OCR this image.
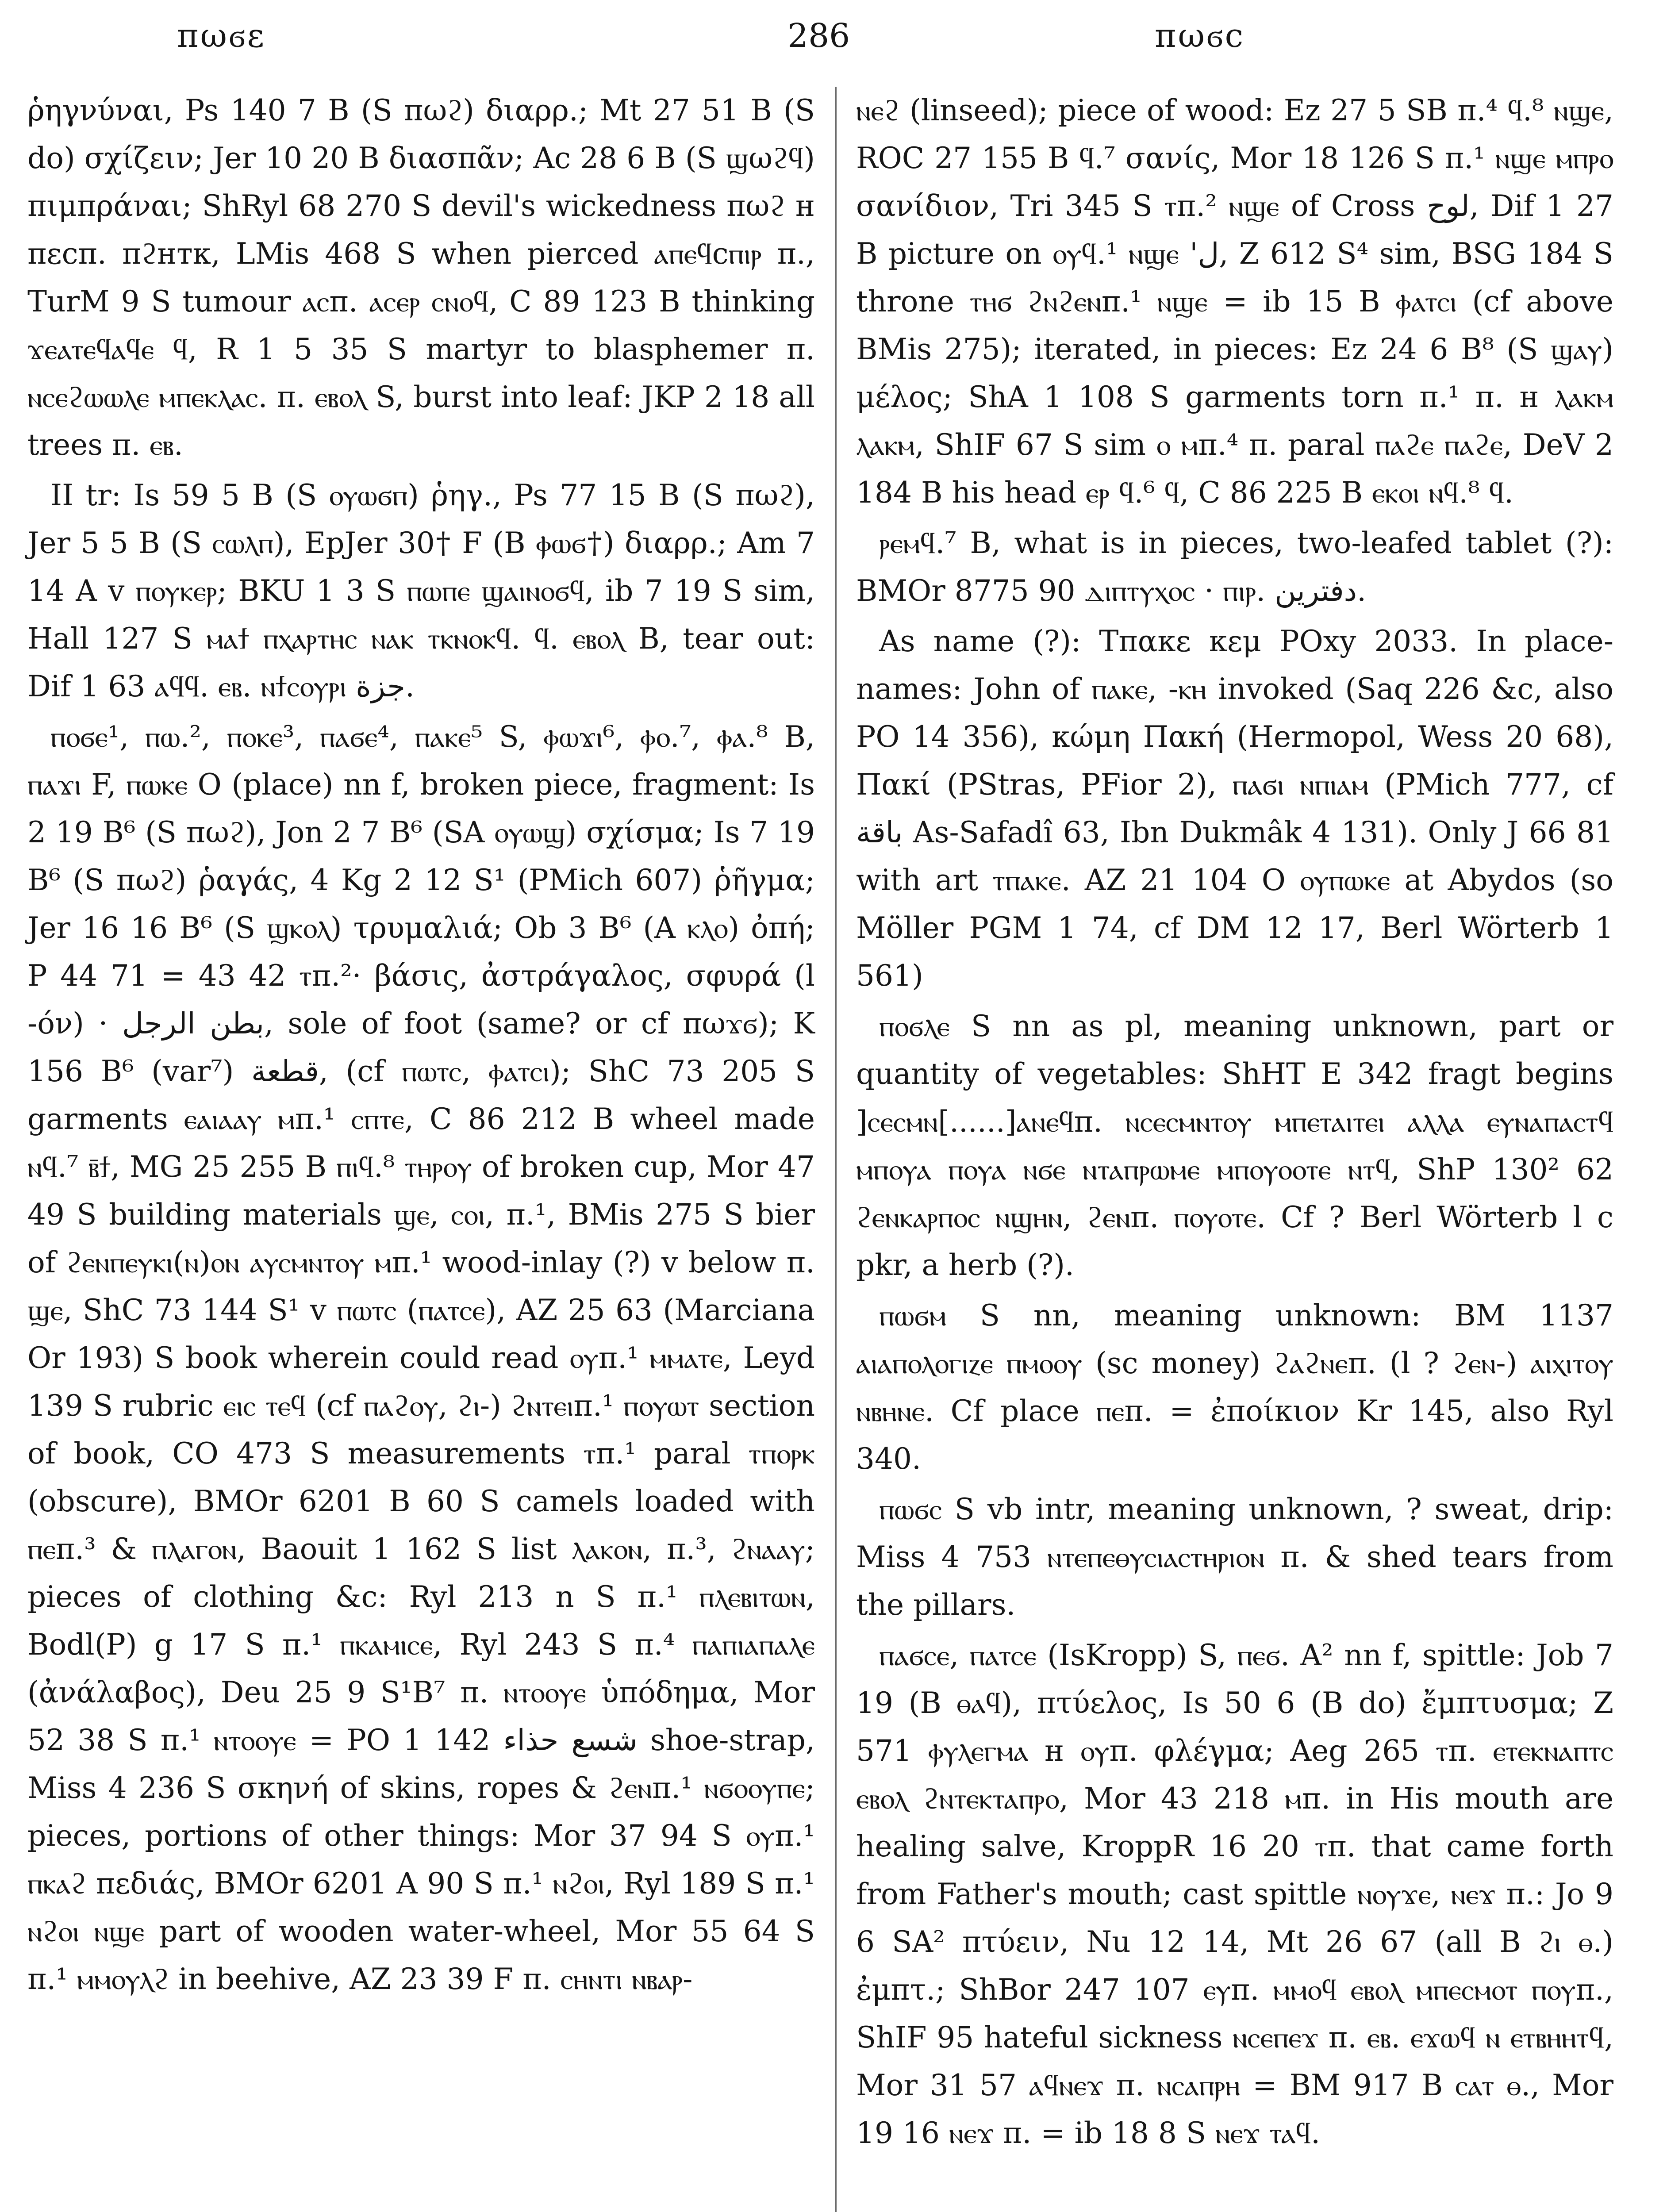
πωϭε	286	πωϭϲ

ῥηγνύναι, Ps 140 7 B (S πωϩ) διαρρ.; Mt 27 51 B (S do) σχίζειν; Jer 10 20 B διασπᾶν; Ac 28 6 B (S ϣωϩϥ) πιμπράναι; ShRyl 68 270 S devil's wickedness πωϩ н πεсπ. πϩнтк, LMis 468 S when pierced ⲁⲡⲉϥϲⲡⲓⲣ π., TurM 9 S tumour ⲁⲥπ. ⲁⲥⲉⲣ ⲥⲛⲟϥ, C 89 123 B thinking ϫⲉⲁⲧⲉϥⲁϥⲉ ϥ, R 1 5 35 S martyr to blasphemer π. ⲛⲥⲉϩⲱⲱⲗⲉ ⲙⲡⲉⲕⲗⲁⲥ. π. ⲉⲃⲟⲗ S, burst into leaf: JKP 2 18 all trees π. ⲉⲃ.

II tr: Is 59 5 B (S ⲟⲩⲱϭⲡ) ῥηγ., Ps 77 15 B (S πωϩ), Jer 5 5 B (S ⲥⲱⲗⲡ), EpJer 30† F (B ⲫⲱϭ†) διαρρ.; Am 7 14 A v ⲡⲟⲩⲕⲉⲣ; BKU 1 3 S ⲡⲱⲡⲉ ϣⲁⲓⲛⲟϭϥ, ib 7 19 S sim, Hall 127 S ⲙⲁϯ ⲡⲭⲁⲣⲧⲏⲥ ⲛⲁⲕ ⲧⲕⲛⲟⲕϥ. ϥ. ⲉⲃⲟⲗ B, tear out: Dif 1 63 ⲁϥϥ. ⲉⲃ. ⲛϯⲥⲟⲩⲣⲓ ﺟﺰة.

ⲡⲟϭⲉ¹, ⲡⲱ.², ⲡⲟⲕⲉ³, ⲡⲁϭⲉ⁴, ⲡⲁⲕⲉ⁵ S, ⲫⲱϫⲓ⁶, ⲫⲟ.⁷, ⲫⲁ.⁸ B, ⲡⲁϫⲓ F, ⲡⲱⲕⲉ O (place) nn f, broken piece, fragment: Is 2 19 B⁶ (S πωϩ), Jon 2 7 B⁶ (SA ⲟⲩⲱϣ) σχίσμα; Is 7 19 B⁶ (S πωϩ) ῥαγάς, 4 Kg 2 12 S¹ (PMich 607) ῥῆγμα; Jer 16 16 B⁶ (S ϣⲕⲟⲗ) τρυμαλιά; Ob 3 B⁶ (A ⲕⲗⲟ) ὀπή; P 44 71 = 43 42 ⲧπ.²· βάσις, ἀστράγαλος, σφυρά (l -όν) · ﺑﻄﻦ الرجل, sole of foot (same? or cf πωϫϭ); K 156 B⁶ (var⁷) قطعة, (cf ⲡⲱⲧⲥ, ⲫⲁⲧⲥⲓ); ShC 73 205 S garments ⲉⲁⲓⲁⲁⲩ ⲙπ.¹ ⲥⲡⲧⲉ, C 86 212 B wheel made ⲛϥ.⁷ ⲃ̄ϯ, MG 25 255 B ⲡⲓϥ.⁸ ⲧⲏⲣⲟⲩ of broken cup, Mor 47 49 S building materials ϣⲉ, ⲥⲟⲓ, π.¹, BMis 275 S bier of ϩⲉⲛⲡⲉⲩⲕⲓ(ⲛ)ⲟⲛ ⲁⲩⲥⲙⲛⲧⲟⲩ ⲙπ.¹ wood-inlay (?) v below π. ϣⲉ, ShC 73 144 S¹ v ⲡⲱⲧⲥ (ⲡⲁⲧⲥⲉ), AZ 25 63 (Marciana Or 193) S book wherein could read ⲟⲩπ.¹ ⲙⲙⲁⲧⲉ, Leyd 139 S rubric ⲉⲓⲥ ⲧⲉϥ (cf ⲡⲁϩⲟⲩ, ϩⲓ-) ϩⲛⲧⲉⲓπ.¹ ⲡⲟⲩⲱⲧ section of book, CO 473 S measurements ⲧπ.¹ paral ⲧⲡⲟⲣⲕ (obscure), BMOr 6201 B 60 S camels loaded with ⲡⲉπ.³ & ⲡⲗⲁⲅⲟⲛ, Baouit 1 162 S list ⲗⲁⲕⲟⲛ, π.³, ϩⲛⲁⲁⲩ; pieces of clothing &c: Ryl 213 n S π.¹ ⲡⲗⲉⲃⲓⲧⲱⲛ, Bodl(P) g 17 S π.¹ ⲡⲕⲁⲙⲓⲥⲉ, Ryl 243 S π.⁴ ⲡⲁⲡⲓⲁⲡⲁⲗⲉ (ἀνάλαβος), Deu 25 9 S¹B⁷ π. ⲛⲧⲟⲟⲩⲉ ὑπόδημα, Mor 52 38 S π.¹ ⲛⲧⲟⲟⲩⲉ = PO 1 142 شسع حذاء shoe-strap, Miss 4 236 S σκηνή of skins, ropes & ϩⲉⲛπ.¹ ⲛϭⲟⲟⲩⲡⲉ; pieces, portions of other things: Mor 37 94 S ⲟⲩπ.¹ ⲡⲕⲁϩ πεδιάς, BMOr 6201 A 90 S π.¹ ⲛϩⲟⲓ, Ryl 189 S π.¹ ⲛϩⲟⲓ ⲛϣⲉ part of wooden water-wheel, Mor 55 64 S π.¹ ⲙⲙⲟⲩⲗϩ in beehive, AZ 23 39 F π. ⲥⲏⲛⲧⲓ ⲛⲃⲁⲣ-

ⲛⲉϩ (linseed); piece of wood: Ez 27 5 SB π.⁴ ϥ.⁸ ⲛϣⲉ, ROC 27 155 B ϥ.⁷ σανίς, Mor 18 126 S π.¹ ⲛϣⲉ ⲙⲡⲣⲟ σανίδιον, Tri 345 S ⲧπ.² ⲛϣⲉ of Cross لوح, Dif 1 27 B picture on ⲟⲩϥ.¹ ⲛϣⲉ 'ل, Z 612 S⁴ sim, BSG 184 S throne ⲧⲏϭ ϩⲛϩⲉⲛπ.¹ ⲛϣⲉ = ib 15 B ⲫⲁⲧⲥⲓ (cf above BMis 275); iterated, in pieces: Ez 24 6 B⁸ (S ϣⲁⲩ) μέλος; ShA 1 108 S garments torn π.¹ π. н ⲗⲁⲕⲙ ⲗⲁⲕⲙ, ShIF 67 S sim ⲟ ⲙπ.⁴ π. paral ⲡⲁϩⲉ ⲡⲁϩⲉ, DeV 2 184 B his head ⲉⲣ ϥ.⁶ ϥ, C 86 225 B ⲉⲕⲟⲓ ⲛϥ.⁸ ϥ.

ⲣⲉⲙϥ.⁷ B, what is in pieces, two-leafed tablet (?): BMOr 8775 90 ⲇⲓⲡⲧⲩⲭⲟⲥ · ⲡⲓⲣ. دفترين.

As name (?): Τπακε κεμ POxy 2033. In place-names: John of ⲡⲁⲕⲉ, -ⲕⲏ invoked (Saq 226 &c, also PO 14 356), κώμη Πακή (Hermopol, Wess 20 68), Πακί (PStras, PFior 2), ⲡⲁϭⲓ ⲛⲡⲓⲁⲙ (PMich 777, cf باقة As-Safadî 63, Ibn Dukmâk 4 131). Only J 66 81 with art ⲧⲡⲁⲕⲉ. AZ 21 104 O ⲟⲩⲡⲱⲕⲉ at Abydos (so Möller PGM 1 74, cf DM 12 17, Berl Wörterb 1 561)

ⲡⲟϭⲗⲉ S nn as pl, meaning unknown, part or quantity of vegetables: ShHT E 342 fragt begins ]ⲥⲉⲥⲙⲛ[......]ⲁⲛⲉϥπ. ⲛⲥⲉⲥⲙⲛⲧⲟⲩ ⲙⲡⲉⲧⲁⲓⲧⲉⲓ ⲁⲗⲗⲁ ⲉⲩⲛⲁⲡⲁⲥⲧϥ ⲙⲡⲟⲩⲁ ⲡⲟⲩⲁ ⲛϭⲉ ⲛⲧⲁⲡⲣⲱⲙⲉ ⲙⲡⲟⲩⲟⲟⲧⲉ ⲛⲧϥ, ShP 130² 62 ϩⲉⲛⲕⲁⲣⲡⲟⲥ ⲛϣⲏⲛ, ϩⲉⲛπ. ⲡⲟⲩⲟⲧⲉ. Cf ? Berl Wörterb l c pkr, a herb (?).

ⲡⲱϭⲙ S nn, meaning unknown: BM 1137 ⲁⲓⲁⲡⲟⲗⲟⲅⲓⲍⲉ ⲡⲙⲟⲟⲩ (sc money) ϩⲁϩⲛⲉπ. (l ? ϩⲉⲛ-) ⲁⲓⲭⲓⲧⲟⲩ ⲛⲃⲏⲛⲉ. Cf place ⲡⲉπ. = ἐποίκιον Kr 145, also Ryl 340.

ⲡⲱϭⲥ S vb intr, meaning unknown, ? sweat, drip: Miss 4 753 ⲛⲧⲉⲡⲉⲑⲩⲥⲓⲁⲥⲧⲏⲣⲓⲟⲛ π. & shed tears from the pillars.

ⲡⲁϭⲥⲉ, ⲡⲁⲧⲥⲉ (IsKropp) S, ⲡⲉϭ. A² nn f, spittle: Job 7 19 (B ⲑⲁϥ), πτύελος, Is 50 6 (B do) ἔμπτυσμα; Z 571 ⲫⲩⲗⲉⲅⲙⲁ н ⲟⲩπ. φλέγμα; Aeg 265 ⲧπ. ⲉⲧⲉⲕⲛⲁⲡⲧⲥ ⲉⲃⲟⲗ ϩⲛⲧⲉⲕⲧⲁⲡⲣⲟ, Mor 43 218 ⲙπ. in His mouth are healing salve, KroppR 16 20 ⲧπ. that came forth from Father's mouth; cast spittle ⲛⲟⲩϫⲉ, ⲛⲉϫ π.: Jo 9 6 SA² πτύειν, Nu 12 14, Mt 26 67 (all B ϩⲓ ⲑ.) ἐμπτ.; ShBor 247 107 ⲉⲩπ. ⲙⲙⲟϥ ⲉⲃⲟⲗ ⲙⲡⲉⲥⲙⲟⲧ ⲡⲟⲩπ., ShIF 95 hateful sickness ⲛⲥⲉⲡⲉϫ π. ⲉⲃ. ⲉϫⲱϥ ⲛ ⲉⲧⲃⲏⲏⲧϥ, Mor 31 57 ⲁϥⲛⲉϫ π. ⲛⲥⲁⲡⲣⲏ = BM 917 B ⲥⲁⲧ ⲑ., Mor 19 16 ⲛⲉϫ π. = ib 18 8 S ⲛⲉϫ ⲧⲁϥ.
